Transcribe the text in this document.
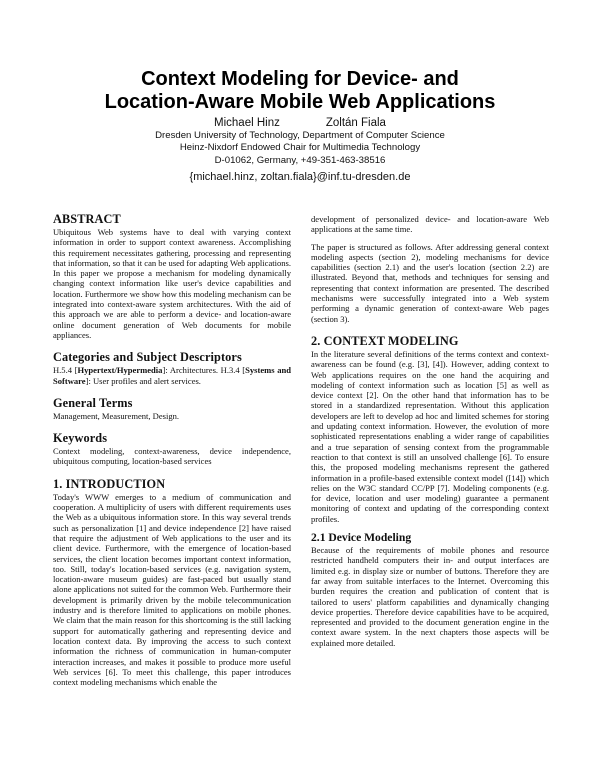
Context Modeling for Device- and
Location-Aware Mobile Web Applications
Michael Hinz	Zoltán Fiala
Dresden University of Technology, Department of Computer Science
Heinz-Nixdorf Endowed Chair for Multimedia Technology
D-01062, Germany, +49-351-463-38516
{michael.hinz, zoltan.fiala}@inf.tu-dresden.de
ABSTRACT

Ubiquitous Web systems have to deal with varying context information in order to support context awareness. Accomplishing this requirement necessitates gathering, processing and representing that information, so that it can be used for adapting Web applications. In this paper we propose a mechanism for modeling dynamically changing context information like user's device capabilities and location. Furthermore we show how this modeling mechanism can be integrated into context-aware system architectures. With the aid of this approach we are able to perform a device- and location-aware online document generation of Web documents for mobile appliances.

Categories and Subject Descriptors

H.5.4 [Hypertext/Hypermedia]: Architectures. H.3.4 [Systems and Software]: User profiles and alert services.

General Terms

Management, Measurement, Design.

Keywords

Context modeling, context-awareness, device independence, ubiquitous computing, location-based services

1. INTRODUCTION

Today's WWW emerges to a medium of communication and cooperation. A multiplicity of users with different requirements uses the Web as a ubiquitous information store. In this way several trends such as personalization [1] and device independence [2] have raised that require the adjustment of Web applications to the user and its client device. Furthermore, with the emergence of location-based services, the client location becomes important context information, too. Still, today's location-based services (e.g. navigation system, location-aware museum guides) are fast-paced but usually stand alone applications not suited for the common Web. Furthermore their development is primarily driven by the mobile telecommunication industry and is therefore limited to applications on mobile phones. We claim that the main reason for this shortcoming is the still lacking support for automatically gathering and representing device and location context data. By improving the access to such context information the richness of communication in human-computer interaction increases, and makes it possible to produce more useful Web services [6]. To meet this challenge, this paper introduces context modeling mechanisms which enable the

development of personalized device- and location-aware Web applications at the same time.

The paper is structured as follows. After addressing general context modeling aspects (section 2), modeling mechanisms for device capabilities (section 2.1) and the user's location (section 2.2) are illustrated. Beyond that, methods and techniques for sensing and representing that context information are presented. The described mechanisms were successfully integrated into a Web system performing a dynamic generation of context-aware Web pages (section 3).

2. CONTEXT MODELING

In the literature several definitions of the terms context and context-awareness can be found (e.g. [3], [4]). However, adding context to Web applications requires on the one hand the acquiring and modeling of context information such as location [5] as well as device context [2]. On the other hand that information has to be stored in a standardized representation. Without this application developers are left to develop ad hoc and limited schemes for storing and updating context information. However, the evolution of more sophisticated representations enabling a wider range of capabilities and a true separation of sensing context from the programmable reaction to that context is still an unsolved challenge [6]. To ensure this, the proposed modeling mechanisms represent the gathered information in a profile-based extensible context model ([14]) which relies on the W3C standard CC/PP [7]. Modeling components (e.g. for device, location and user modeling) guarantee a permanent monitoring of context and updating of the corresponding context profiles.

2.1 Device Modeling

Because of the requirements of mobile phones and resource restricted handheld computers their in- and output interfaces are limited e.g. in display size or number of buttons. Therefore they are far away from suitable interfaces to the Internet. Overcoming this burden requires the creation and publication of content that is tailored to users' platform capabilities and dynamically changing device properties. Therefore device capabilities have to be acquired, represented and provided to the document generation engine in the context aware system. In the next chapters those aspects will be explained more detailed.
